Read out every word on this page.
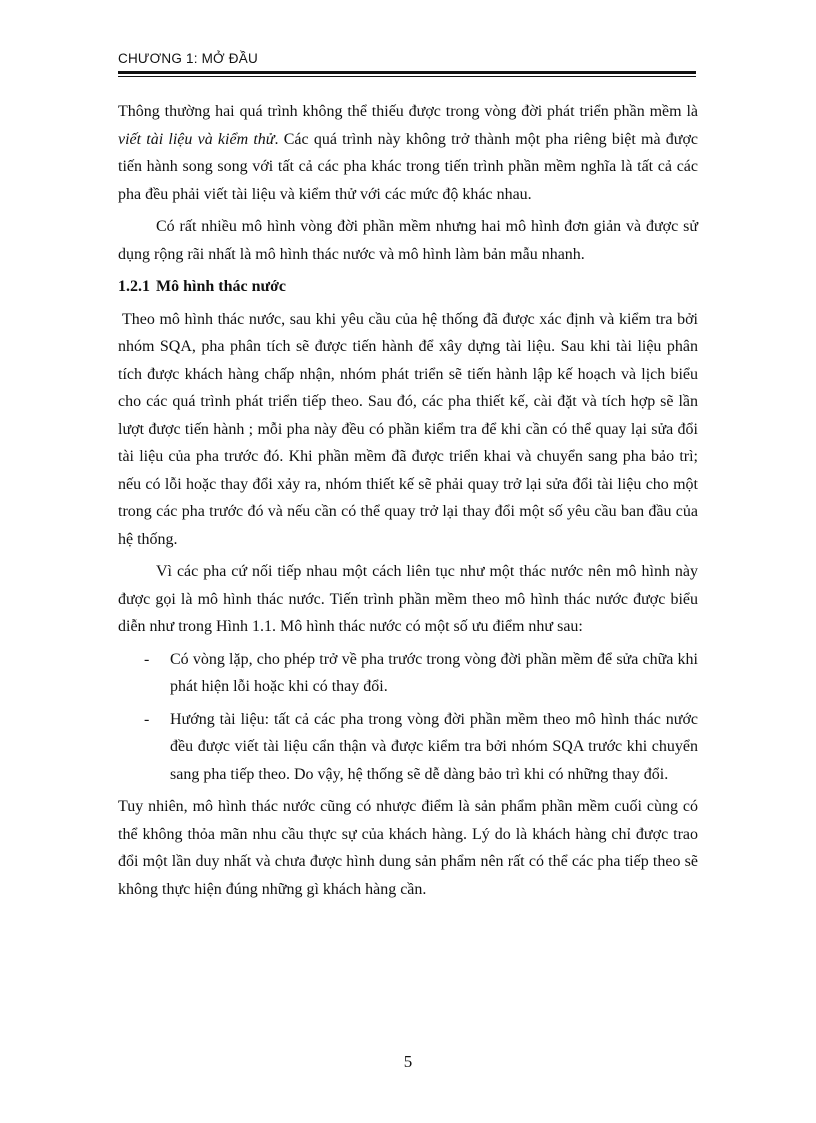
CHƯƠNG 1: MỞ ĐẦU

Thông thường hai quá trình không thể thiếu được trong vòng đời phát triển phần mềm là viết tài liệu và kiểm thử. Các quá trình này không trở thành một pha riêng biệt mà được tiến hành song song với tất cả các pha khác trong tiến trình phần mềm nghĩa là tất cả các pha đều phải viết tài liệu và kiểm thử với các mức độ khác nhau.

Có rất nhiều mô hình vòng đời phần mềm nhưng hai mô hình đơn giản và được sử dụng rộng rãi nhất là mô hình thác nước và mô hình làm bản mẫu nhanh.

1.2.1 Mô hình thác nước

Theo mô hình thác nước, sau khi yêu cầu của hệ thống đã được xác định và kiểm tra bởi nhóm SQA, pha phân tích sẽ được tiến hành để xây dựng tài liệu. Sau khi tài liệu phân tích được khách hàng chấp nhận, nhóm phát triển sẽ tiến hành lập kế hoạch và lịch biểu cho các quá trình phát triển tiếp theo. Sau đó, các pha thiết kế, cài đặt và tích hợp sẽ lần lượt được tiến hành ; mỗi pha này đều có phần kiểm tra để khi cần có thể quay lại sửa đổi tài liệu của pha trước đó. Khi phần mềm đã được triển khai và chuyển sang pha bảo trì; nếu có lỗi hoặc thay đổi xảy ra, nhóm thiết kế sẽ phải quay trở lại sửa đổi tài liệu cho một trong các pha trước đó và nếu cần có thể quay trở lại thay đổi một số yêu cầu ban đầu của hệ thống.

Vì các pha cứ nối tiếp nhau một cách liên tục như một thác nước nên mô hình này được gọi là mô hình thác nước. Tiến trình phần mềm theo mô hình thác nước được biểu diễn như trong Hình 1.1. Mô hình thác nước có một số ưu điểm như sau:

- Có vòng lặp, cho phép trở về pha trước trong vòng đời phần mềm để sửa chữa khi phát hiện lỗi hoặc khi có thay đổi.
- Hướng tài liệu: tất cả các pha trong vòng đời phần mềm theo mô hình thác nước đều được viết tài liệu cẩn thận và được kiểm tra bởi nhóm SQA trước khi chuyển sang pha tiếp theo. Do vậy, hệ thống sẽ dễ dàng bảo trì khi có những thay đổi.

Tuy nhiên, mô hình thác nước cũng có nhược điểm là sản phẩm phần mềm cuối cùng có thể không thỏa mãn nhu cầu thực sự của khách hàng. Lý do là khách hàng chỉ được trao đổi một lần duy nhất và chưa được hình dung sản phẩm nên rất có thể các pha tiếp theo sẽ không thực hiện đúng những gì khách hàng cần.

5
